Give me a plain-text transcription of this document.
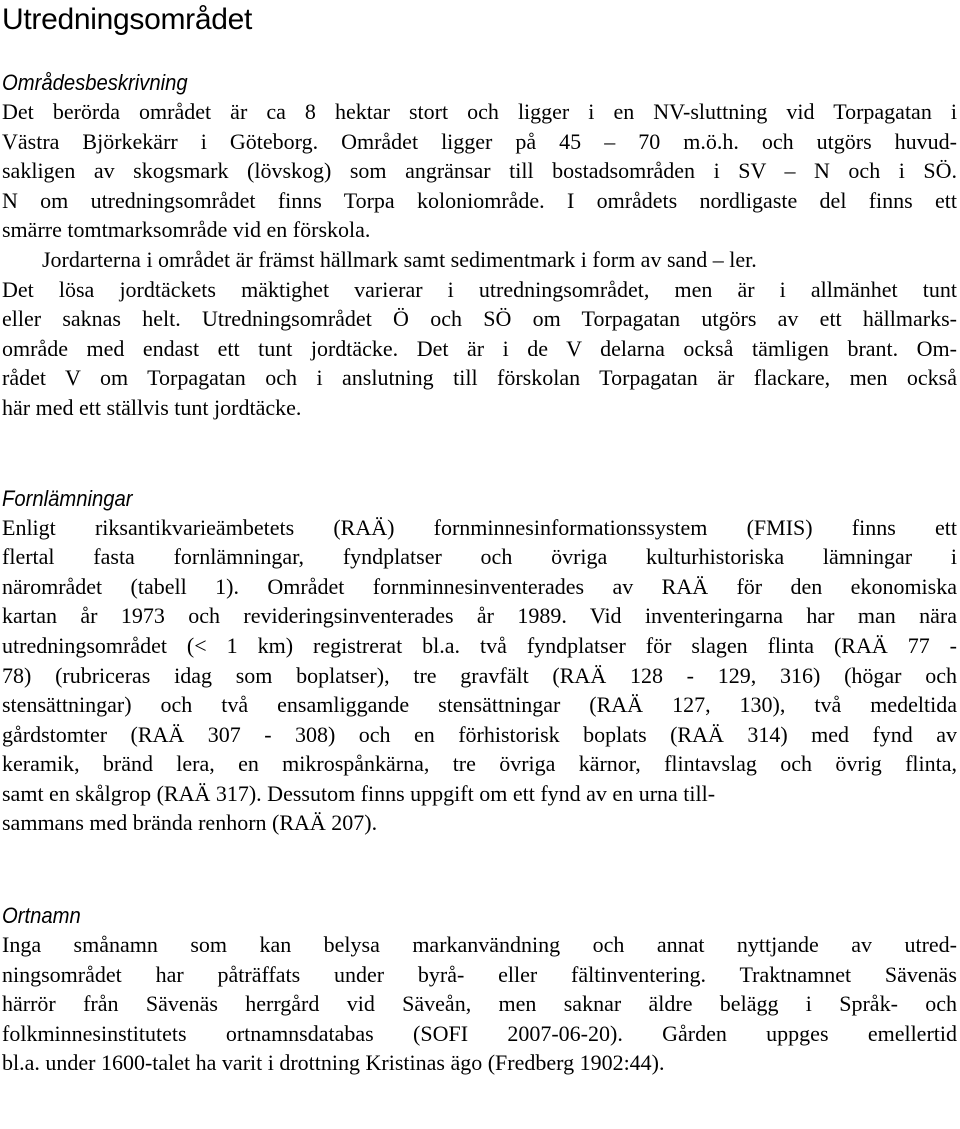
Utredningsområdet
Områdesbeskrivning
Det berörda området är ca 8 hektar stort och ligger i en NV-sluttning vid Torpagatan i
Västra Björkekärr i Göteborg. Området ligger på 45 – 70 m.ö.h. och utgörs huvud-
sakligen av skogsmark (lövskog) som angränsar till bostadsområden i SV – N och i SÖ.
N om utredningsområdet finns Torpa koloniområde. I områdets nordligaste del finns ett
smärre tomtmarksområde vid en förskola.
Jordarterna i området är främst hällmark samt sedimentmark i form av sand – ler.
Det lösa jordtäckets mäktighet varierar i utredningsområdet, men är i allmänhet tunt
eller saknas helt. Utredningsområdet Ö och SÖ om Torpagatan utgörs av ett hällmarks-
område med endast ett tunt jordtäcke. Det är i de V delarna också tämligen brant. Om-
rådet V om Torpagatan och i anslutning till förskolan Torpagatan är flackare, men också
här med ett ställvis tunt jordtäcke.
Fornlämningar
Enligt riksantikvarieämbetets (RAÄ) fornminnesinformationssystem (FMIS) finns ett
flertal fasta fornlämningar, fyndplatser och övriga kulturhistoriska lämningar i
närområdet (tabell 1). Området fornminnesinventerades av RAÄ för den ekonomiska
kartan år 1973 och revideringsinventerades år 1989. Vid inventeringarna har man nära
utredningsområdet (< 1 km) registrerat bl.a. två fyndplatser för slagen flinta (RAÄ 77 -
78) (rubriceras idag som boplatser), tre gravfält (RAÄ 128 - 129, 316) (högar och
stensättningar) och två ensamliggande stensättningar (RAÄ 127, 130), två medeltida
gårdstomter (RAÄ 307 - 308) och en förhistorisk boplats (RAÄ 314) med fynd av
keramik, bränd lera, en mikrospånkärna, tre övriga kärnor, flintavslag och övrig flinta,
samt en skålgrop (RAÄ 317). Dessutom finns uppgift om ett fynd av en urna till-
sammans med brända renhorn (RAÄ 207).
Ortnamn
Inga smånamn som kan belysa markanvändning och annat nyttjande av utred-
ningsområdet har påträffats under byrå- eller fältinventering. Traktnamnet Sävenäs
härrör från Sävenäs herrgård vid Säveån, men saknar äldre belägg i Språk- och
folkminnesinstitutets ortnamnsdatabas (SOFI 2007-06-20). Gården uppges emellertid
bl.a. under 1600-talet ha varit i drottning Kristinas ägo (Fredberg 1902:44).
